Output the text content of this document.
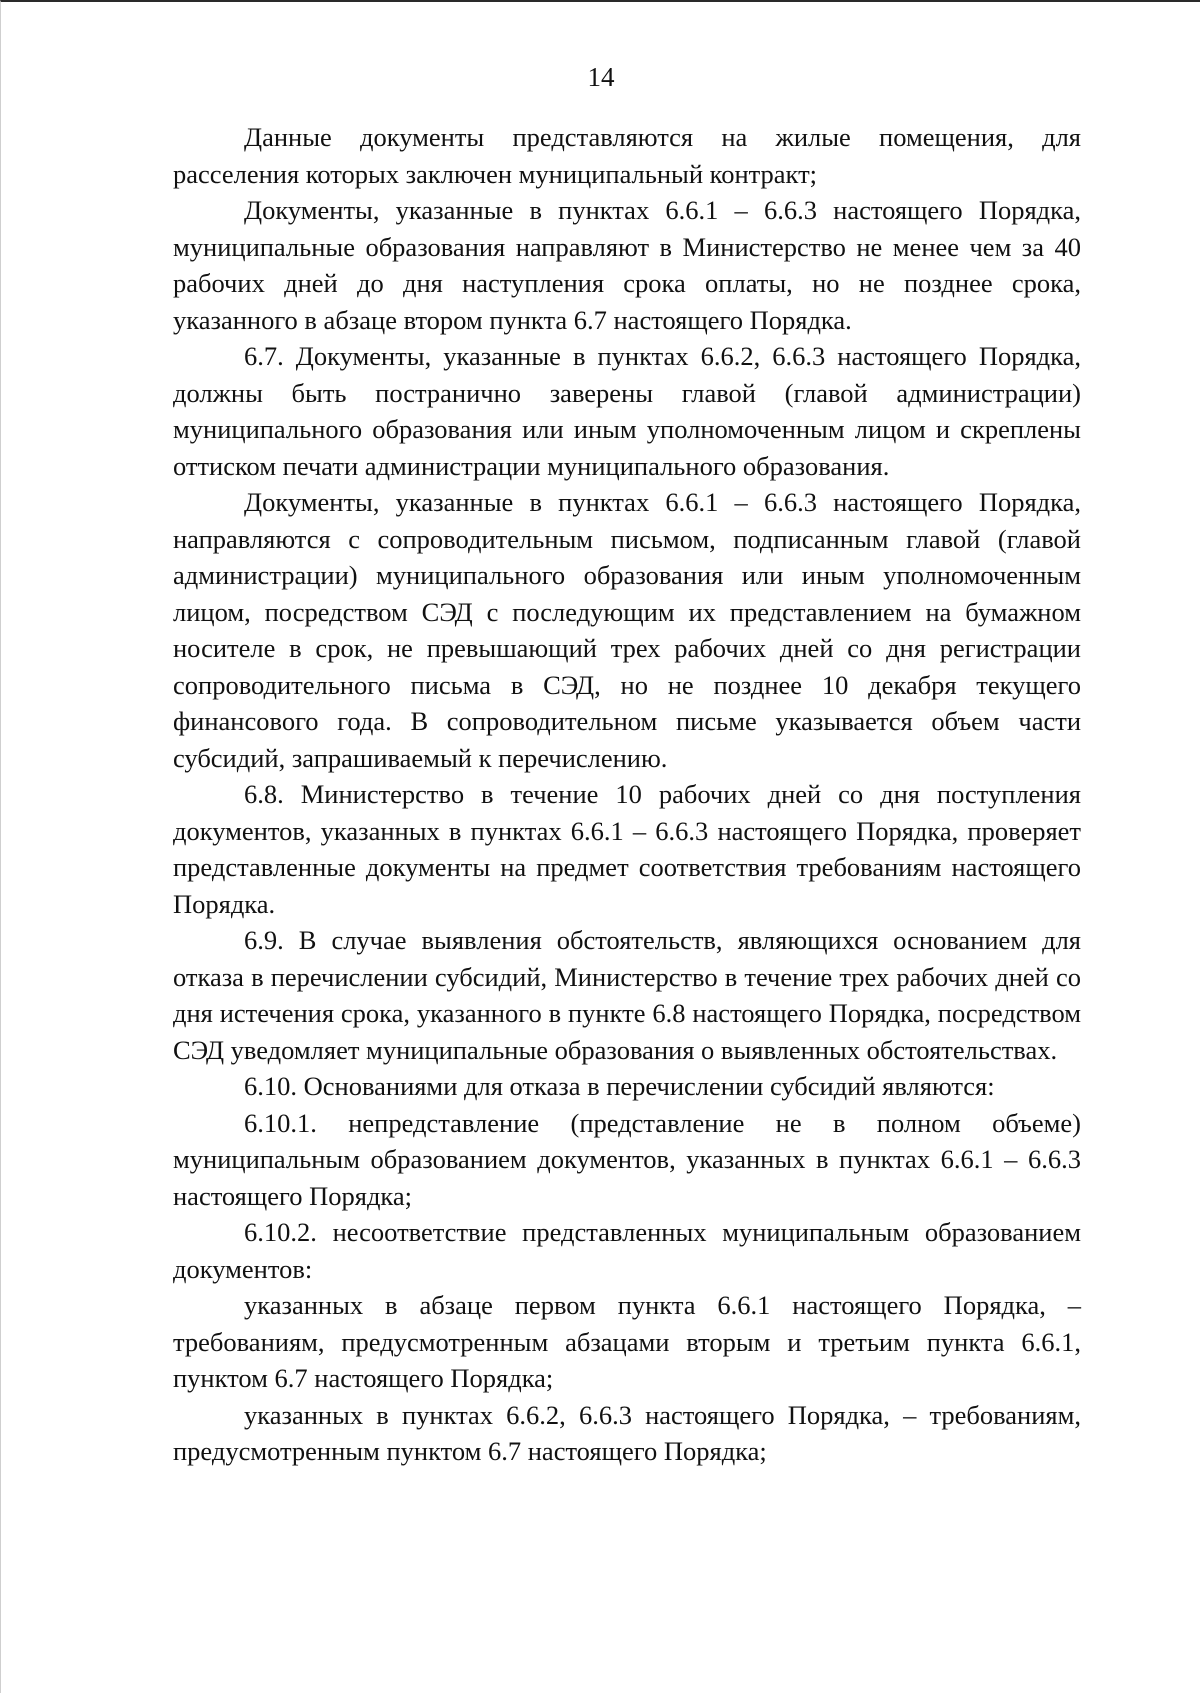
14

Данные документы представляются на жилые помещения, для расселения которых заключен муниципальный контракт;

Документы, указанные в пунктах 6.6.1 – 6.6.3 настоящего Порядка, муниципальные образования направляют в Министерство не менее чем за 40 рабочих дней до дня наступления срока оплаты, но не позднее срока, указанного в абзаце втором пункта 6.7 настоящего Порядка.

6.7. Документы, указанные в пунктах 6.6.2, 6.6.3 настоящего Порядка, должны быть постранично заверены главой (главой администрации) муниципального образования или иным уполномоченным лицом и скреплены оттиском печати администрации муниципального образования.

Документы, указанные в пунктах 6.6.1 – 6.6.3 настоящего Порядка, направляются с сопроводительным письмом, подписанным главой (главой администрации) муниципального образования или иным уполномоченным лицом, посредством СЭД с последующим их представлением на бумажном носителе в срок, не превышающий трех рабочих дней со дня регистрации сопроводительного письма в СЭД, но не позднее 10 декабря текущего финансового года. В сопроводительном письме указывается объем части субсидий, запрашиваемый к перечислению.

6.8. Министерство в течение 10 рабочих дней со дня поступления документов, указанных в пунктах 6.6.1 – 6.6.3 настоящего Порядка, проверяет представленные документы на предмет соответствия требованиям настоящего Порядка.

6.9. В случае выявления обстоятельств, являющихся основанием для отказа в перечислении субсидий, Министерство в течение трех рабочих дней со дня истечения срока, указанного в пункте 6.8 настоящего Порядка, посредством СЭД уведомляет муниципальные образования о выявленных обстоятельствах.

6.10. Основаниями для отказа в перечислении субсидий являются:

6.10.1. непредставление (представление не в полном объеме) муниципальным образованием документов, указанных в пунктах 6.6.1 – 6.6.3 настоящего Порядка;

6.10.2. несоответствие представленных муниципальным образованием документов:

указанных в абзаце первом пункта 6.6.1 настоящего Порядка, – требованиям, предусмотренным абзацами вторым и третьим пункта 6.6.1, пунктом 6.7 настоящего Порядка;

указанных в пунктах 6.6.2, 6.6.3 настоящего Порядка, – требованиям, предусмотренным пунктом 6.7 настоящего Порядка;
